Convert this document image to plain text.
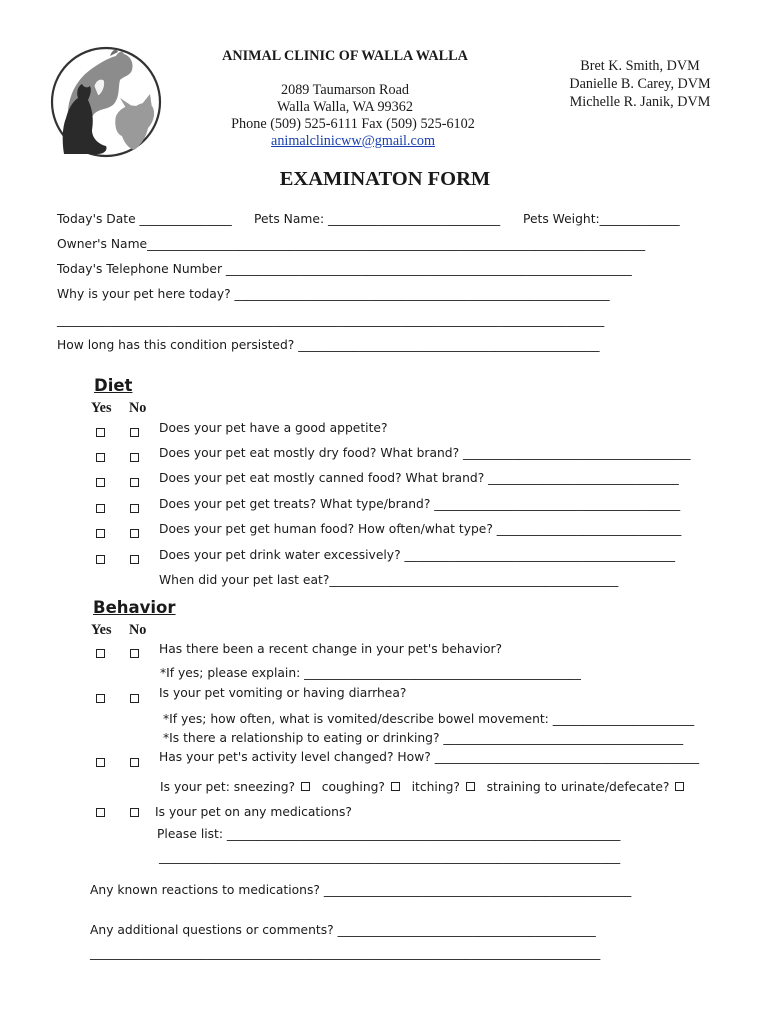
ANIMAL CLINIC OF WALLA WALLA
2089 Taumarson Road
Walla Walla, WA 99362
Phone (509) 525-6111 Fax (509) 525-6102
animalclinicww@gmail.com
Bret K. Smith, DVM
Danielle B. Carey, DVM
Michelle R. Janik, DVM
EXAMINATON FORM
Today's Date _______________ Pets Name: ____________________________ Pets Weight:_____________
Owner's Name_________________________________________________________________________________
Today's Telephone Number __________________________________________________________________
Why is your pet here today? _____________________________________________________________
_________________________________________________________________________________________
How long has this condition persisted? _________________________________________________
Diet
Yes No
Does your pet have a good appetite?
Does your pet eat mostly dry food? What brand? _____________________________________
Does your pet eat mostly canned food? What brand? _______________________________
Does your pet get treats? What type/brand? ________________________________________
Does your pet get human food? How often/what type? ______________________________
Does your pet drink water excessively? ____________________________________________
When did your pet last eat?_______________________________________________
Behavior
Yes No
Has there been a recent change in your pet's behavior?
*If yes; please explain: _____________________________________________
Is your pet vomiting or having diarrhea?
*If yes; how often, what is vomited/describe bowel movement: _______________________
*Is there a relationship to eating or drinking? _______________________________________
Has your pet's activity level changed? How? ___________________________________________
Is your pet: sneezing? coughing? itching? straining to urinate/defecate?
Is your pet on any medications?
Please list: ________________________________________________________________
___________________________________________________________________________
Any known reactions to medications? __________________________________________________
Any additional questions or comments? __________________________________________
___________________________________________________________________________________
